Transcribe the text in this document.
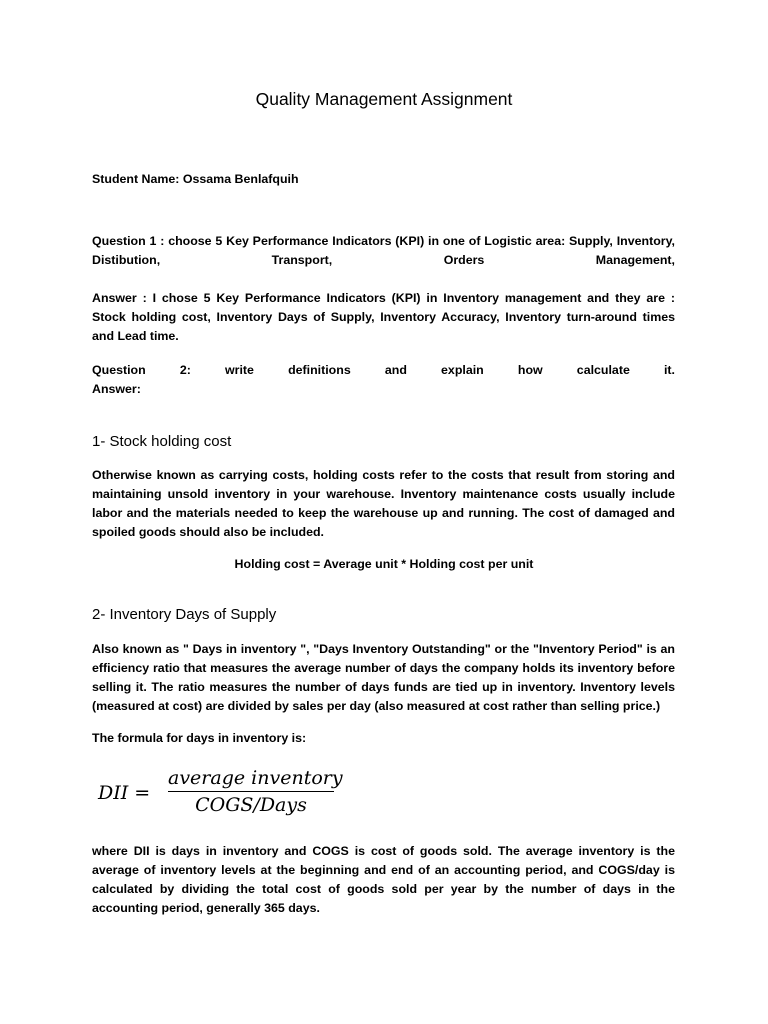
Quality Management Assignment
Student Name: Ossama Benlafquih
Question 1 : choose 5 Key Performance Indicators (KPI) in one of Logistic area: Supply, Inventory, Distibution, Transport, Orders Management,
Answer : I chose 5 Key Performance Indicators (KPI) in Inventory management and they are : Stock holding cost, Inventory Days of Supply, Inventory Accuracy, Inventory turn-around times and Lead time.
Question 2: write definitions and explain how calculate it.
Answer:
1- Stock holding cost
Otherwise known as carrying costs, holding costs refer to the costs that result from storing and maintaining unsold inventory in your warehouse. Inventory maintenance costs usually include labor and the materials needed to keep the warehouse up and running. The cost of damaged and spoiled goods should also be included.
Holding cost = Average unit * Holding cost per unit
2- Inventory Days of Supply
Also known as " Days in inventory ", "Days Inventory Outstanding" or the "Inventory Period" is an efficiency ratio that measures the average number of days the company holds its inventory before selling it. The ratio measures the number of days funds are tied up in inventory. Inventory levels (measured at cost) are divided by sales per day (also measured at cost rather than selling price.)
The formula for days in inventory is:
DII =
average inventory
COGS/Days
where DII is days in inventory and COGS is cost of goods sold. The average inventory is the average of inventory levels at the beginning and end of an accounting period, and COGS/day is calculated by dividing the total cost of goods sold per year by the number of days in the accounting period, generally 365 days.
